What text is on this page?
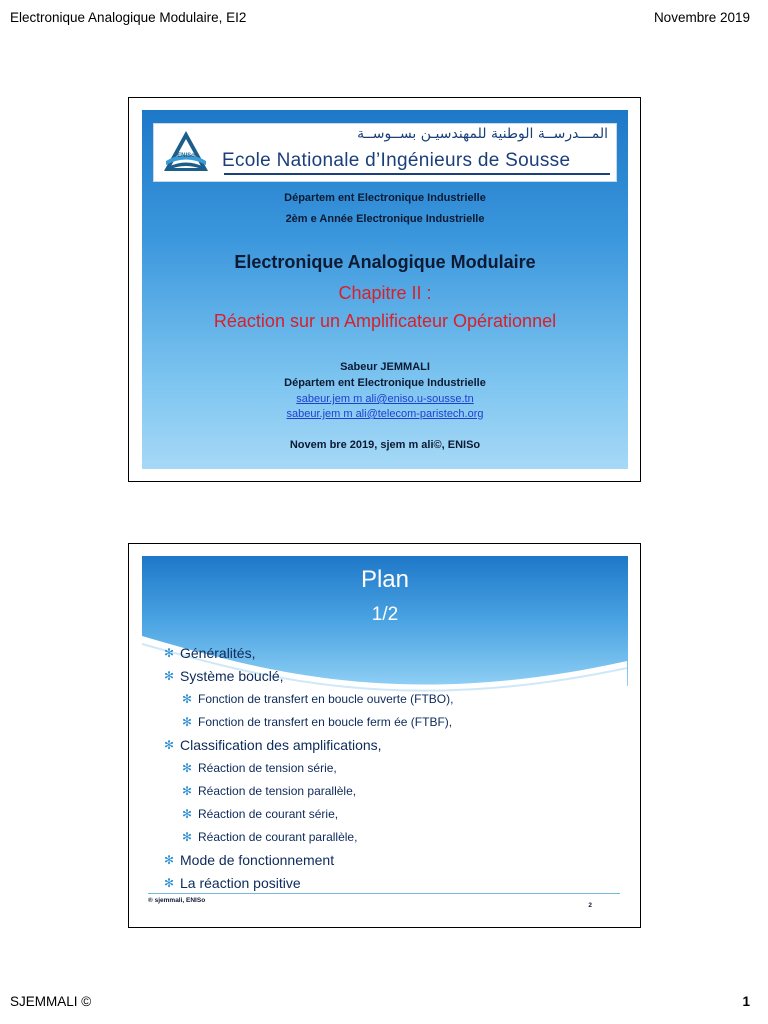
Electronique Analogique Modulaire, EI2	Novembre 2019
ENISo
المـــدرســة الوطنية للمهندسيـن بســوســة
Ecole Nationale d’Ingénieurs de Sousse
Départem ent Electronique Industrielle
2èm e Année Electronique Industrielle
Electronique Analogique Modulaire
Chapitre II :
Réaction sur un Amplificateur Opérationnel
Sabeur JEMMALI
Départem ent Electronique Industrielle
sabeur.jem m ali@eniso.u-sousse.tn
sabeur.jem m ali@telecom-paristech.org
Novem bre 2019, sjem m ali©, ENISo
Plan
1/2
✻ Généralités,
✻ Système bouclé,
✻ Fonction de transfert en boucle ouverte (FTBO),
✻ Fonction de transfert en boucle ferm ée (FTBF),
✻ Classification des amplifications,
✻ Réaction de tension série,
✻ Réaction de tension parallèle,
✻ Réaction de courant série,
✻ Réaction de courant parallèle,
✻ Mode de fonctionnement
✻ La réaction positive
® sjemmali, ENISo
2
SJEMMALI ©	1
